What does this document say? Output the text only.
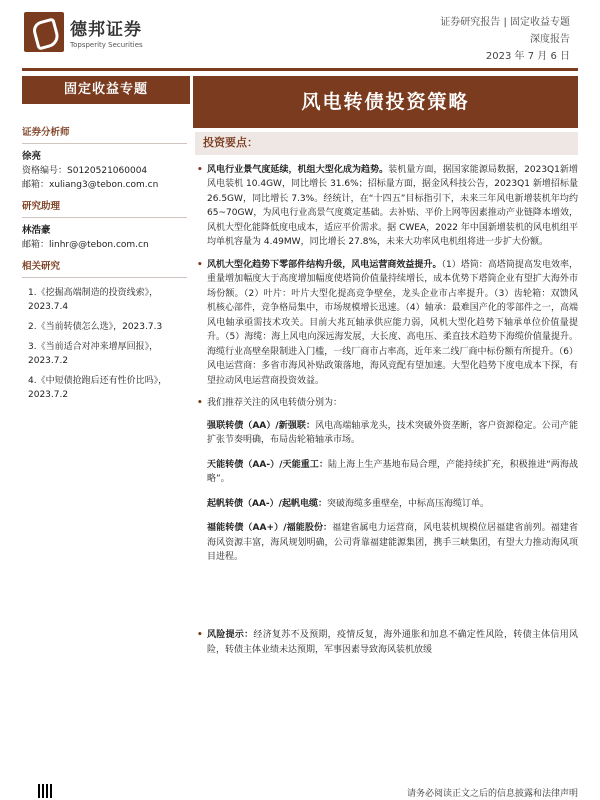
德邦证券
Topsperity Securities
证券研究报告 | 固定收益专题
深度报告
2023 年 7 月 6 日
固定收益专题
风电转债投资策略
证券分析师
徐亮
资格编号：S0120521060004
邮箱：xuliang3@tebon.com.cn
研究助理
林浩豪
邮箱：linhr@@tebon.com.cn
相关研究
1.《挖掘高端制造的投资线索》，2023.7.4
2.《当前转债怎么选》，2023.7.3
3.《当前适合对冲来增厚回报》，2023.7.2
4.《中短债抢跑后还有性价比吗》，2023.7.2
投资要点：
• 风电行业景气度延续，机组大型化成为趋势。装机量方面，据国家能源局数据，2023Q1新增风电装机 10.4GW，同比增长 31.6%；招标量方面，据金风科技公告，2023Q1 新增招标量 26.5GW，同比增长 7.3%。经统计，在“十四五”目标指引下，未来三年风电新增装机年均约 65~70GW，为风电行业高景气度奠定基础。去补贴、平价上网等因素推动产业链降本增效，风机大型化能降低度电成本，适应平价需求。据 CWEA，2022 年中国新增装机的风电机组平均单机容量为 4.49MW，同比增长 27.8%，未来大功率风电机组将进一步扩大份额。
• 风机大型化趋势下零部件结构升级，风电运营商效益提升。（1）塔筒：高塔筒提高发电效率，重量增加幅度大于高度增加幅度使塔筒价值量持续增长，成本优势下塔筒企业有望扩大海外市场份额。（2）叶片：叶片大型化提高竞争壁垒，龙头企业市占率提升。（3）齿轮箱：双馈风机核心部件，竞争格局集中，市场规模增长迅速。（4）轴承：最难国产化的零部件之一，高端风电轴承亟需技术攻关。目前大兆瓦轴承供应能力弱，风机大型化趋势下轴承单位价值量提升。（5）海缆：海上风电向深远海发展，大长度、高电压、柔直技术趋势下海缆价值量提升。海缆行业高壁垒限制进入门槛，一线厂商市占率高，近年来二线厂商中标份额有所提升。（6）风电运营商：多省市海风补贴政策落地，海风竞配有望加速。大型化趋势下度电成本下探，有望拉动风电运营商投资效益。
• 我们推荐关注的风电转债分别为：
强联转债（AA）/新强联：风电高端轴承龙头，技术突破外资垄断，客户资源稳定。公司产能扩张节奏明确，布局齿轮箱轴承市场。
天能转债（AA-）/天能重工：陆上海上生产基地布局合理，产能持续扩充，积极推进“两海战略”。
起帆转债（AA-）/起帆电缆：突破海缆多重壁垒，中标高压海缆订单。
福能转债（AA+）/福能股份：福建省属电力运营商，风电装机规模位居福建省前列。福建省海风资源丰富，海风规划明确，公司背靠福建能源集团，携手三峡集团，有望大力推动海风项目进程。
• 风险提示：经济复苏不及预期，疫情反复，海外通胀和加息不确定性风险，转债主体信用风险，转债主体业绩未达预期，军事因素导致海风装机放缓
请务必阅读正文之后的信息披露和法律声明
